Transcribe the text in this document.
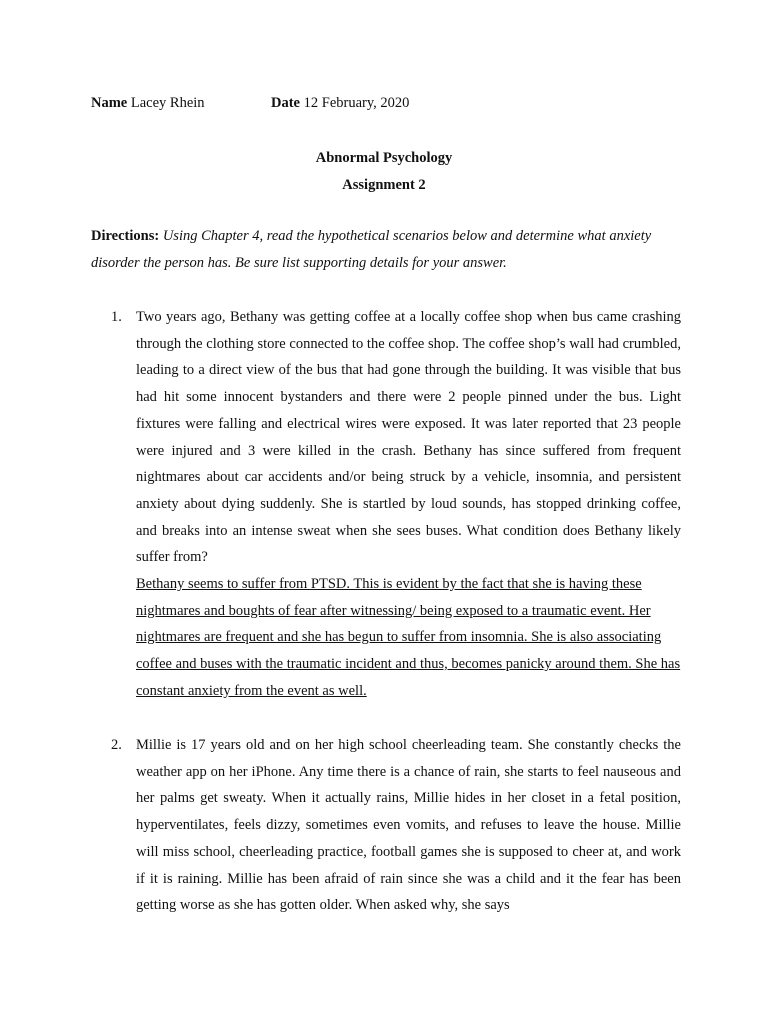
Name Lacey Rhein	Date 12 February, 2020
Abnormal Psychology
Assignment 2
Directions: Using Chapter 4, read the hypothetical scenarios below and determine what anxiety disorder the person has. Be sure list supporting details for your answer.
1. Two years ago, Bethany was getting coffee at a locally coffee shop when bus came crashing through the clothing store connected to the coffee shop. The coffee shop’s wall had crumbled, leading to a direct view of the bus that had gone through the building. It was visible that bus had hit some innocent bystanders and there were 2 people pinned under the bus. Light fixtures were falling and electrical wires were exposed. It was later reported that 23 people were injured and 3 were killed in the crash. Bethany has since suffered from frequent nightmares about car accidents and/or being struck by a vehicle, insomnia, and persistent anxiety about dying suddenly. She is startled by loud sounds, has stopped drinking coffee, and breaks into an intense sweat when she sees buses. What condition does Bethany likely suffer from?
Bethany seems to suffer from PTSD. This is evident by the fact that she is having these nightmares and boughts of fear after witnessing/ being exposed to a traumatic event. Her nightmares are frequent and she has begun to suffer from insomnia. She is also associating coffee and buses with the traumatic incident and thus, becomes panicky around them. She has constant anxiety from the event as well.
2. Millie is 17 years old and on her high school cheerleading team. She constantly checks the weather app on her iPhone. Any time there is a chance of rain, she starts to feel nauseous and her palms get sweaty. When it actually rains, Millie hides in her closet in a fetal position, hyperventilates, feels dizzy, sometimes even vomits, and refuses to leave the house. Millie will miss school, cheerleading practice, football games she is supposed to cheer at, and work if it is raining. Millie has been afraid of rain since she was a child and it the fear has been getting worse as she has gotten older. When asked why, she says
